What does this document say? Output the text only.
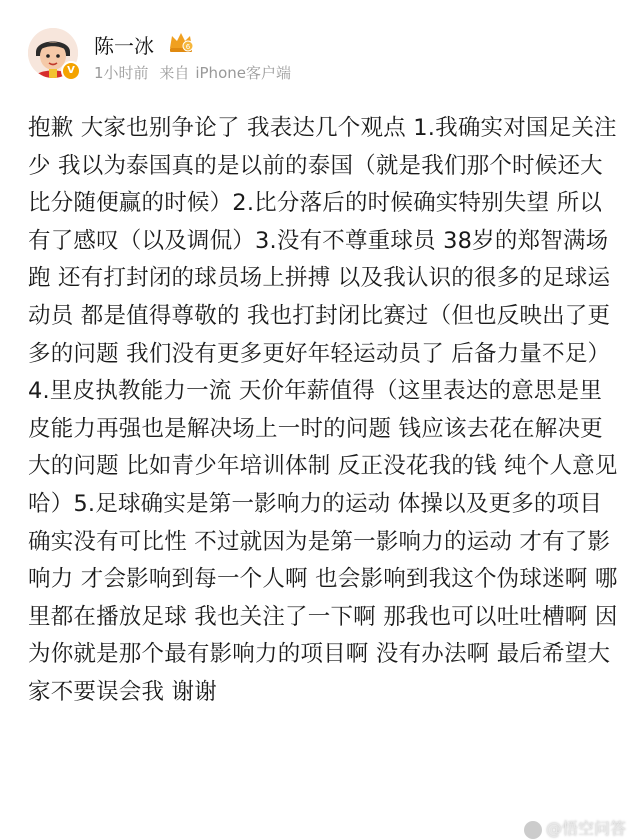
V
陈一冰	6
1小时前 来自 iPhone客户端
抱歉 大家也别争论了 我表达几个观点 1.我确实对国足关注少 我以为泰国真的是以前的泰国（就是我们那个时候还大比分随便赢的时候）2.比分落后的时候确实特别失望 所以有了感叹（以及调侃）3.没有不尊重球员 38岁的郑智满场跑 还有打封闭的球员场上拼搏 以及我认识的很多的足球运动员 都是值得尊敬的 我也打封闭比赛过（但也反映出了更多的问题 我们没有更多更好年轻运动员了 后备力量不足）4.里皮执教能力一流 天价年薪值得（这里表达的意思是里皮能力再强也是解决场上一时的问题 钱应该去花在解决更大的问题 比如青少年培训体制 反正没花我的钱 纯个人意见哈）5.足球确实是第一影响力的运动 体操以及更多的项目确实没有可比性 不过就因为是第一影响力的运动 才有了影响力 才会影响到每一个人啊 也会影响到我这个伪球迷啊 哪里都在播放足球 我也关注了一下啊 那我也可以吐吐槽啊 因为你就是那个最有影响力的项目啊 没有办法啊 最后希望大家不要误会我 谢谢
@悟空问答
